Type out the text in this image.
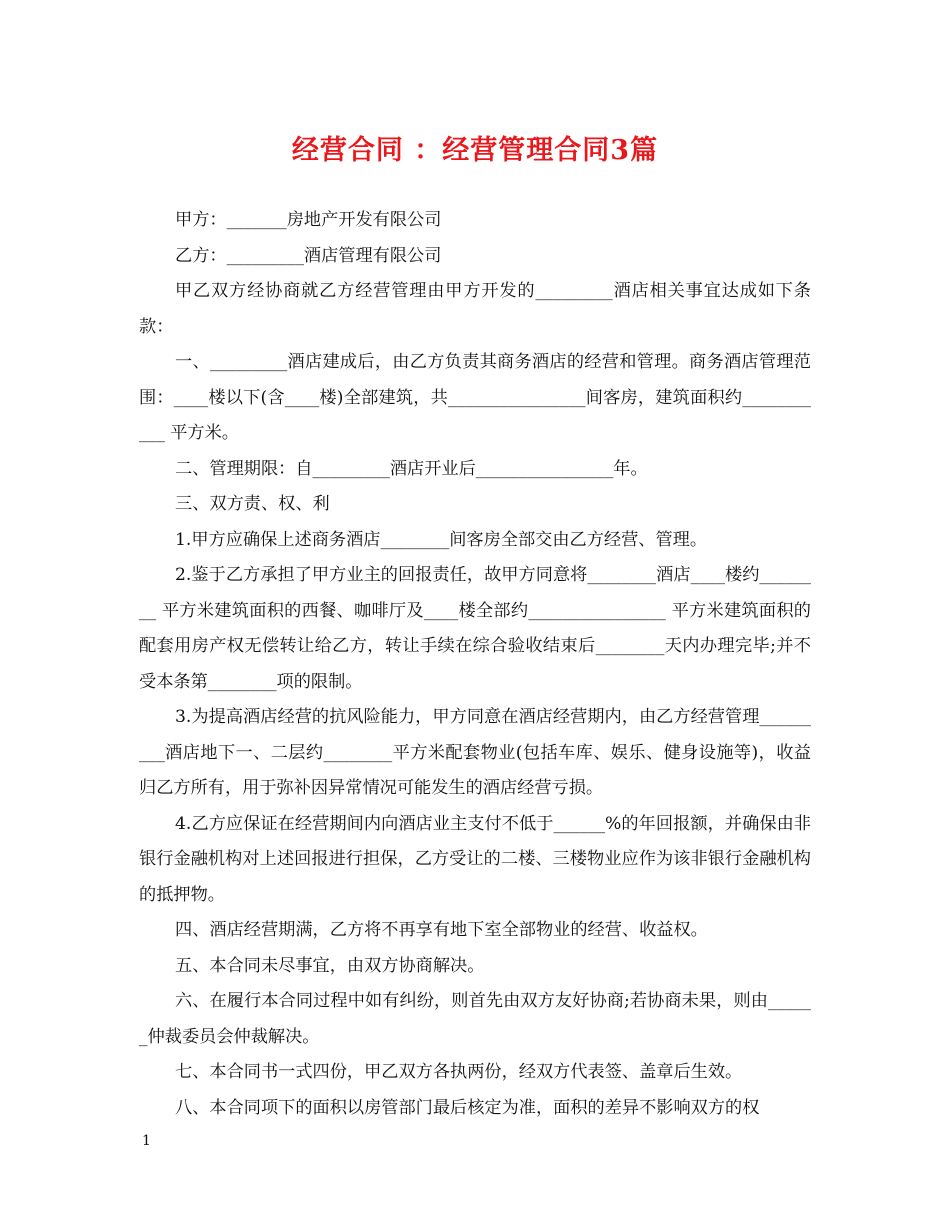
经营合同 ：经营管理合同3篇

甲方：_______房地产开发有限公司

乙方：_________酒店管理有限公司

甲乙双方经协商就乙方经营管理由甲方开发的_________酒店相关事宜达成如下条款：

一、_________酒店建成后，由乙方负责其商务酒店的经营和管理。商务酒店管理范围：____楼以下(含____楼)全部建筑，共________________间客房，建筑面积约___________ 平方米。

二、管理期限：自_________酒店开业后________________年。

三、双方责、权、利

1.甲方应确保上述商务酒店________间客房全部交由乙方经营、管理。

2.鉴于乙方承担了甲方业主的回报责任，故甲方同意将________酒店____楼约________ 平方米建筑面积的西餐、咖啡厅及____楼全部约________________ 平方米建筑面积的配套用房产权无偿转让给乙方，转让手续在综合验收结束后________天内办理完毕;并不受本条第________项的限制。

3.为提高酒店经营的抗风险能力，甲方同意在酒店经营期内，由乙方经营管理_________酒店地下一、二层约________平方米配套物业(包括车库、娱乐、健身设施等)，收益归乙方所有，用于弥补因异常情况可能发生的酒店经营亏损。

4.乙方应保证在经营期间内向酒店业主支付不低于______%的年回报额，并确保由非银行金融机构对上述回报进行担保，乙方受让的二楼、三楼物业应作为该非银行金融机构的抵押物。

四、酒店经营期满，乙方将不再享有地下室全部物业的经营、收益权。

五、本合同未尽事宜，由双方协商解决。

六、在履行本合同过程中如有纠纷，则首先由双方友好协商;若协商未果，则由______仲裁委员会仲裁解决。

七、本合同书一式四份，甲乙双方各执两份，经双方代表签、盖章后生效。

八、本合同项下的面积以房管部门最后核定为准，面积的差异不影响双方的权

1
